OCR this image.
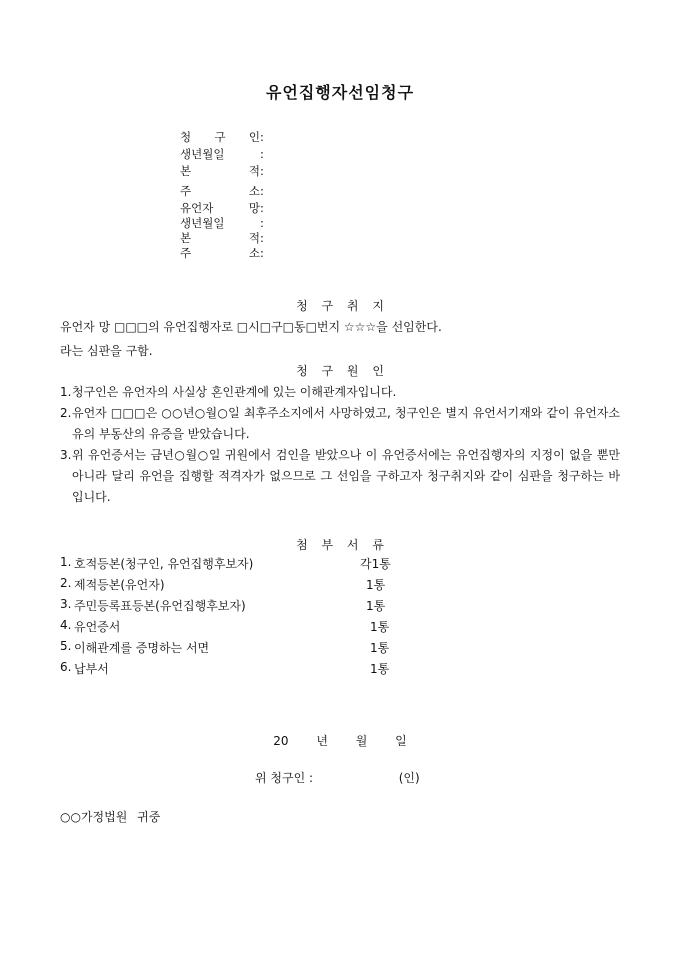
유언집행자선임청구
청 구 인 :
생년월일	:
본 적 :
주 소 :
유언자 망 :
생년월일	:
본 적 :
주 소 :
청 구 취 지
유언자 망 □□□의 유언집행자로 □시□구□동□번지 ☆☆☆을 선임한다.
라는 심판을 구함.
청 구 원 인
1. 청구인은 유언자의 사실상 혼인관계에 있는 이해관계자입니다.
2. 유언자 □□□은 ○○년○월○일 최후주소지에서 사망하였고, 청구인은 별지 유언서기재와 같이 유언자소유의 부동산의 유증을 받았습니다.
3. 위 유언증서는 금년○월○일 귀원에서 검인을 받았으나 이 유언증서에는 유언집행자의 지정이 없을 뿐만아니라 달리 유언을 집행할 적격자가 없으므로 그 선임을 구하고자 청구취지와 같이 심판을 청구하는 바입니다.
첨 부 서 류
1. 호적등본(청구인, 유언집행후보자)	각1통
2. 제적등본(유언자)	1통
3. 주민등록표등본(유언집행후보자)	1통
4. 유언증서	1통
5. 이해관계를 증명하는 서면	1통
6. 납부서	1통
20 년 월 일
위 청구인 :	(인)
○○가정법원 귀중
